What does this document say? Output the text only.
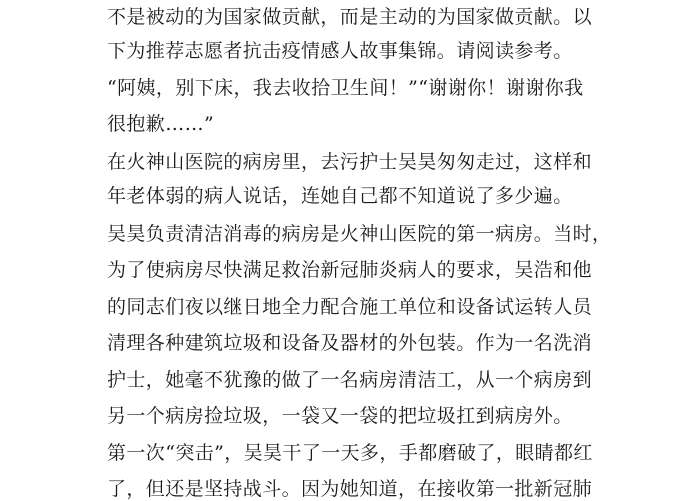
不是被动的为国家做贡献，而是主动的为国家做贡献。以
下为推荐志愿者抗击疫情感人故事集锦。请阅读参考。
“阿姨，别下床，我去收拾卫生间！”“谢谢你！谢谢你我
很抱歉……”
在火神山医院的病房里，去污护士吴昊匆匆走过，这样和
年老体弱的病人说话，连她自己都不知道说了多少遍。
吴昊负责清洁消毒的病房是火神山医院的第一病房。当时，
为了使病房尽快满足救治新冠肺炎病人的要求，吴浩和他
的同志们夜以继日地全力配合施工单位和设备试运转人员
清理各种建筑垃圾和设备及器材的外包装。作为一名洗消
护士，她毫不犹豫的做了一名病房清洁工，从一个病房到
另一个病房捡垃圾，一袋又一袋的把垃圾扛到病房外。
第一次“突击”，吴昊干了一天多，手都磨破了，眼睛都红
了，但还是坚持战斗。因为她知道，在接收第一批新冠肺
